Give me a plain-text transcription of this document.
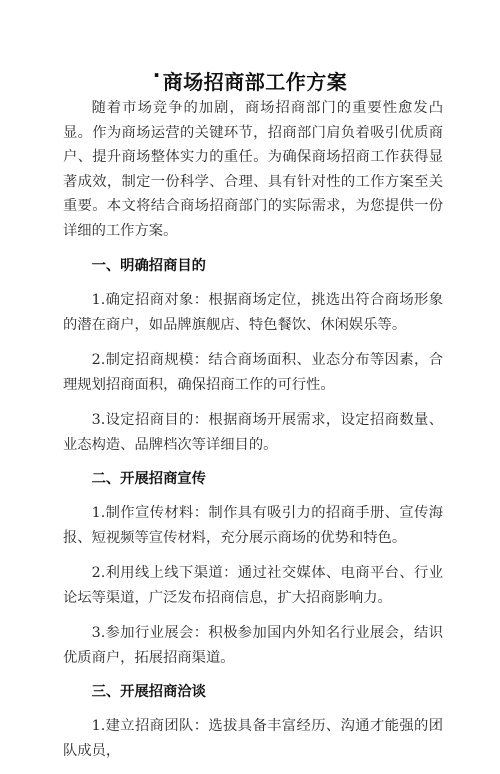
· 商场招商部工作方案

随着市场竞争的加剧，商场招商部门的重要性愈发凸显。作为商场运营的关键环节，招商部门肩负着吸引优质商户、提升商场整体实力的重任。为确保商场招商工作获得显著成效，制定一份科学、合理、具有针对性的工作方案至关重要。本文将结合商场招商部门的实际需求，为您提供一份详细的工作方案。

一、明确招商目的

1.确定招商对象：根据商场定位，挑选出符合商场形象的潜在商户，如品牌旗舰店、特色餐饮、休闲娱乐等。

2.制定招商规模：结合商场面积、业态分布等因素，合理规划招商面积，确保招商工作的可行性。

3.设定招商目的：根据商场开展需求，设定招商数量、业态构造、品牌档次等详细目的。

二、开展招商宣传

1.制作宣传材料：制作具有吸引力的招商手册、宣传海报、短视频等宣传材料，充分展示商场的优势和特色。

2.利用线上线下渠道：通过社交媒体、电商平台、行业论坛等渠道，广泛发布招商信息，扩大招商影响力。

3.参加行业展会：积极参加国内外知名行业展会，结识优质商户，拓展招商渠道。

三、开展招商洽谈

1.建立招商团队：选拔具备丰富经历、沟通才能强的团队成员，
